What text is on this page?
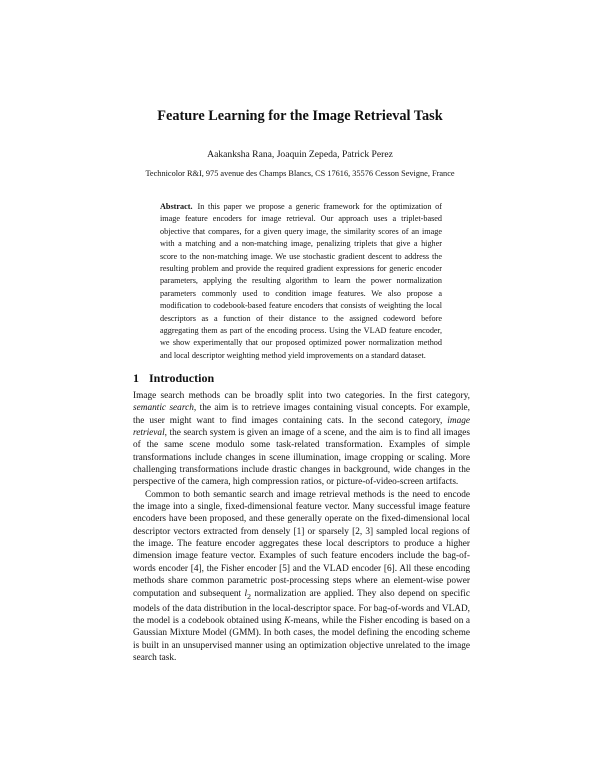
Feature Learning for the Image Retrieval Task
Aakanksha Rana, Joaquin Zepeda, Patrick Perez
Technicolor R&I, 975 avenue des Champs Blancs, CS 17616, 35576 Cesson Sevigne, France
Abstract. In this paper we propose a generic framework for the optimization of image feature encoders for image retrieval. Our approach uses a triplet-based objective that compares, for a given query image, the similarity scores of an image with a matching and a non-matching image, penalizing triplets that give a higher score to the non-matching image. We use stochastic gradient descent to address the resulting problem and provide the required gradient expressions for generic encoder parameters, applying the resulting algorithm to learn the power normalization parameters commonly used to condition image features. We also propose a modification to codebook-based feature encoders that consists of weighting the local descriptors as a function of their distance to the assigned codeword before aggregating them as part of the encoding process. Using the VLAD feature encoder, we show experimentally that our proposed optimized power normalization method and local descriptor weighting method yield improvements on a standard dataset.
1 Introduction

Image search methods can be broadly split into two categories. In the first category, semantic search, the aim is to retrieve images containing visual concepts. For example, the user might want to find images containing cats. In the second category, image retrieval, the search system is given an image of a scene, and the aim is to find all images of the same scene modulo some task-related transformation. Examples of simple transformations include changes in scene illumination, image cropping or scaling. More challenging transformations include drastic changes in background, wide changes in the perspective of the camera, high compression ratios, or picture-of-video-screen artifacts.

Common to both semantic search and image retrieval methods is the need to encode the image into a single, fixed-dimensional feature vector. Many successful image feature encoders have been proposed, and these generally operate on the fixed-dimensional local descriptor vectors extracted from densely [1] or sparsely [2, 3] sampled local regions of the image. The feature encoder aggregates these local descriptors to produce a higher dimension image feature vector. Examples of such feature encoders include the bag-of-words encoder [4], the Fisher encoder [5] and the VLAD encoder [6]. All these encoding methods share common parametric post-processing steps where an element-wise power computation and subsequent $l_2$ normalization are applied. They also depend on specific models of the data distribution in the local-descriptor space. For bag-of-words and VLAD, the model is a codebook obtained using K-means, while the Fisher encoding is based on a Gaussian Mixture Model (GMM). In both cases, the model defining the encoding scheme is built in an unsupervised manner using an optimization objective unrelated to the image search task.
